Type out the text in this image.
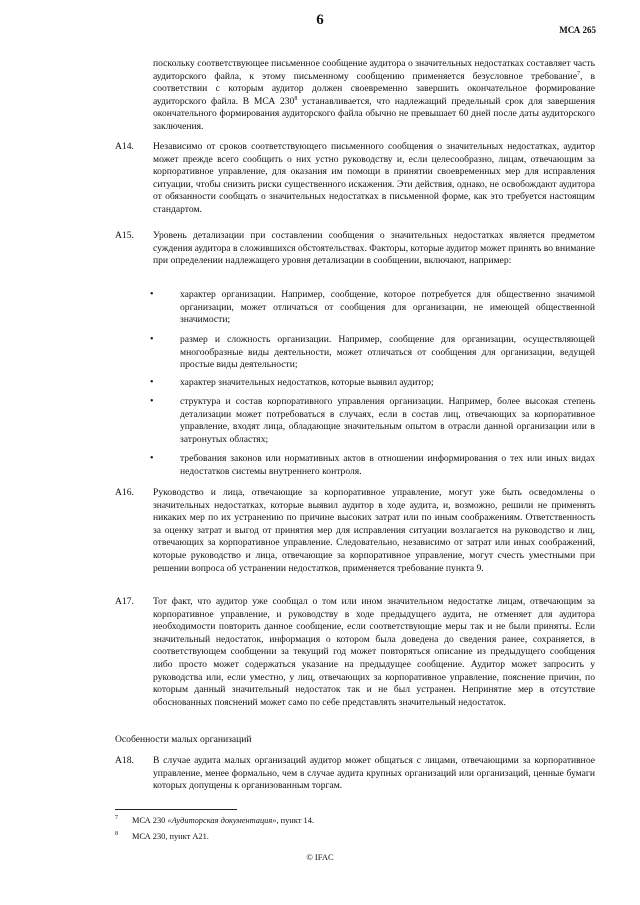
6
МСА 265
поскольку соответствующее письменное сообщение аудитора о значительных недостатках составляет часть аудиторского файла, к этому письменному сообщению применяется безусловное требование$^7$, в соответствии с которым аудитор должен своевременно завершить окончательное формирование аудиторского файла. В МСА $230^8$ устанавливается, что надлежащий предельный срок для завершения окончательного формирования аудиторского файла обычно не превышает 60 дней после даты аудиторского заключения.
A14. Независимо от сроков соответствующего письменного сообщения о значительных недостатках, аудитор может прежде всего сообщить о них устно руководству и, если целесообразно, лицам, отвечающим за корпоративное управление, для оказания им помощи в принятии своевременных мер для исправления ситуации, чтобы снизить риски существенного искажения. Эти действия, однако, не освобождают аудитора от обязанности сообщать о значительных недостатках в письменной форме, как это требуется настоящим стандартом.
A15. Уровень детализации при составлении сообщения о значительных недостатках является предметом суждения аудитора в сложившихся обстоятельствах. Факторы, которые аудитор может принять во внимание при определении надлежащего уровня детализации в сообщении, включают, например:
•	характер организации. Например, сообщение, которое потребуется для общественно значимой организации, может отличаться от сообщения для организации, не имеющей общественной значимости;
•	размер и сложность организации. Например, сообщение для организации, осуществляющей многообразные виды деятельности, может отличаться от сообщения для организации, ведущей простые виды деятельности;
•	характер значительных недостатков, которые выявил аудитор;
•	структура и состав корпоративного управления организации. Например, более высокая степень детализации может потребоваться в случаях, если в состав лиц, отвечающих за корпоративное управление, входят лица, обладающие значительным опытом в отрасли данной организации или в затронутых областях;
•	требования законов или нормативных актов в отношении информирования о тех или иных видах недостатков системы внутреннего контроля.
A16. Руководство и лица, отвечающие за корпоративное управление, могут уже быть осведомлены о значительных недостатках, которые выявил аудитор в ходе аудита, и, возможно, решили не применять никаких мер по их устранению по причине высоких затрат или по иным соображениям. Ответственность за оценку затрат и выгод от принятия мер для исправления ситуации возлагается на руководство и лиц, отвечающих за корпоративное управление. Следовательно, независимо от затрат или иных соображений, которые руководство и лица, отвечающие за корпоративное управление, могут счесть уместными при решении вопроса об устранении недостатков, применяется требование пункта 9.
A17. Тот факт, что аудитор уже сообщал о том или ином значительном недостатке лицам, отвечающим за корпоративное управление, и руководству в ходе предыдущего аудита, не отменяет для аудитора необходимости повторить данное сообщение, если соответствующие меры так и не были приняты. Если значительный недостаток, информация о котором была доведена до сведения ранее, сохраняется, в соответствующем сообщении за текущий год может повторяться описание из предыдущего сообщения либо просто может содержаться указание на предыдущее сообщение. Аудитор может запросить у руководства или, если уместно, у лиц, отвечающих за корпоративное управление, пояснение причин, по которым данный значительный недостаток так и не был устранен. Непринятие мер в отсутствие обоснованных пояснений может само по себе представлять значительный недостаток.
Особенности малых организаций
A18. В случае аудита малых организаций аудитор может общаться с лицами, отвечающими за корпоративное управление, менее формально, чем в случае аудита крупных организаций или организаций, ценные бумаги которых допущены к организованным торгам.
7 МСА 230 «Аудиторская документация», пункт 14.
8 МСА 230, пункт A21.
© IFAC
